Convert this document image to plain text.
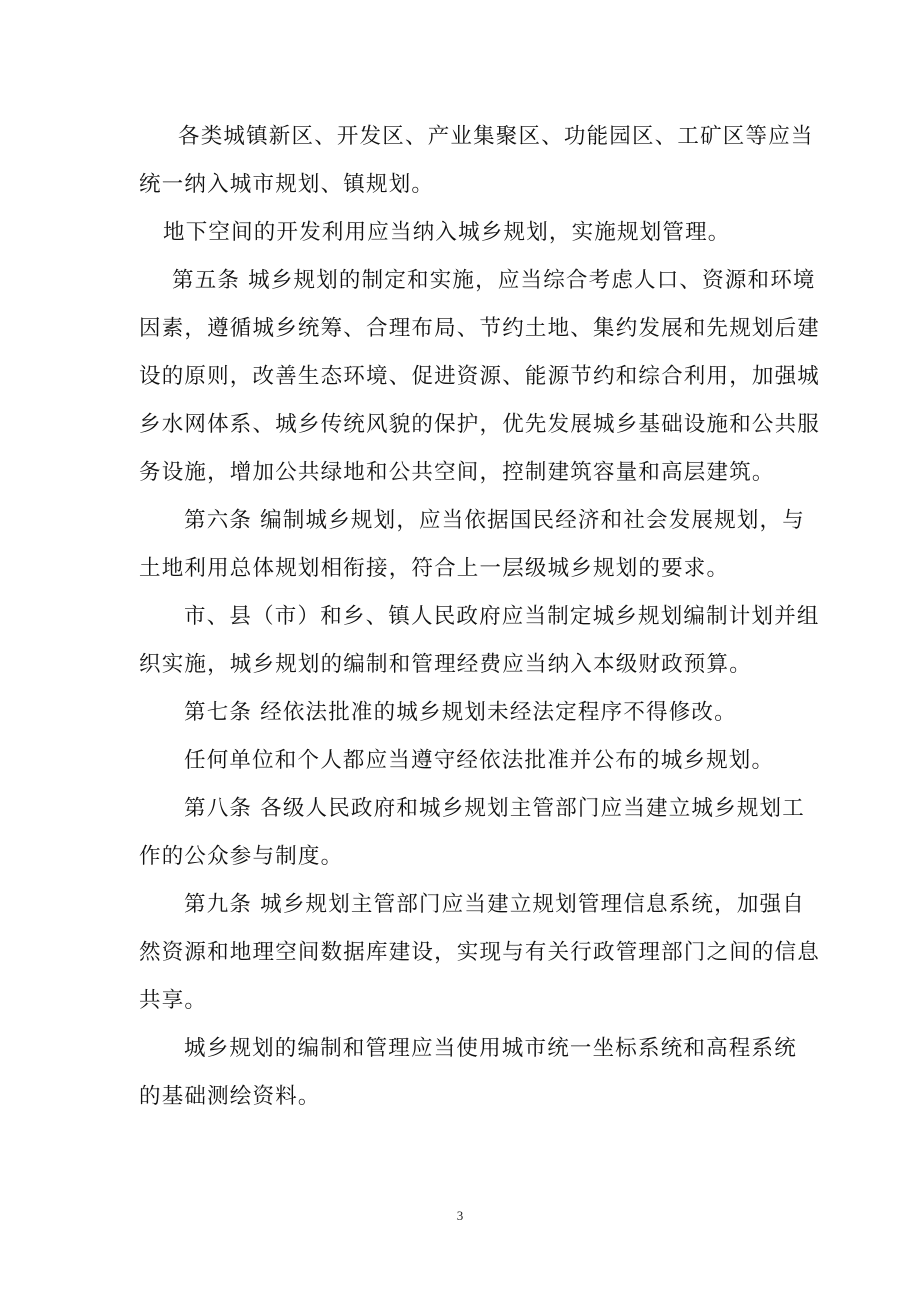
各类城镇新区、开发区、产业集聚区、功能园区、工矿区等应当
统一纳入城市规划、镇规划。
地下空间的开发利用应当纳入城乡规划，实施规划管理。
第五条 城乡规划的制定和实施，应当综合考虑人口、资源和环境
因素，遵循城乡统筹、合理布局、节约土地、集约发展和先规划后建
设的原则，改善生态环境、促进资源、能源节约和综合利用，加强城
乡水网体系、城乡传统风貌的保护，优先发展城乡基础设施和公共服
务设施，增加公共绿地和公共空间，控制建筑容量和高层建筑。
第六条 编制城乡规划，应当依据国民经济和社会发展规划，与
土地利用总体规划相衔接，符合上一层级城乡规划的要求。
市、县（市）和乡、镇人民政府应当制定城乡规划编制计划并组
织实施，城乡规划的编制和管理经费应当纳入本级财政预算。
第七条 经依法批准的城乡规划未经法定程序不得修改。
任何单位和个人都应当遵守经依法批准并公布的城乡规划。
第八条 各级人民政府和城乡规划主管部门应当建立城乡规划工
作的公众参与制度。
第九条 城乡规划主管部门应当建立规划管理信息系统，加强自
然资源和地理空间数据库建设，实现与有关行政管理部门之间的信息
共享。
城乡规划的编制和管理应当使用城市统一坐标系统和高程系统
的基础测绘资料。
3
